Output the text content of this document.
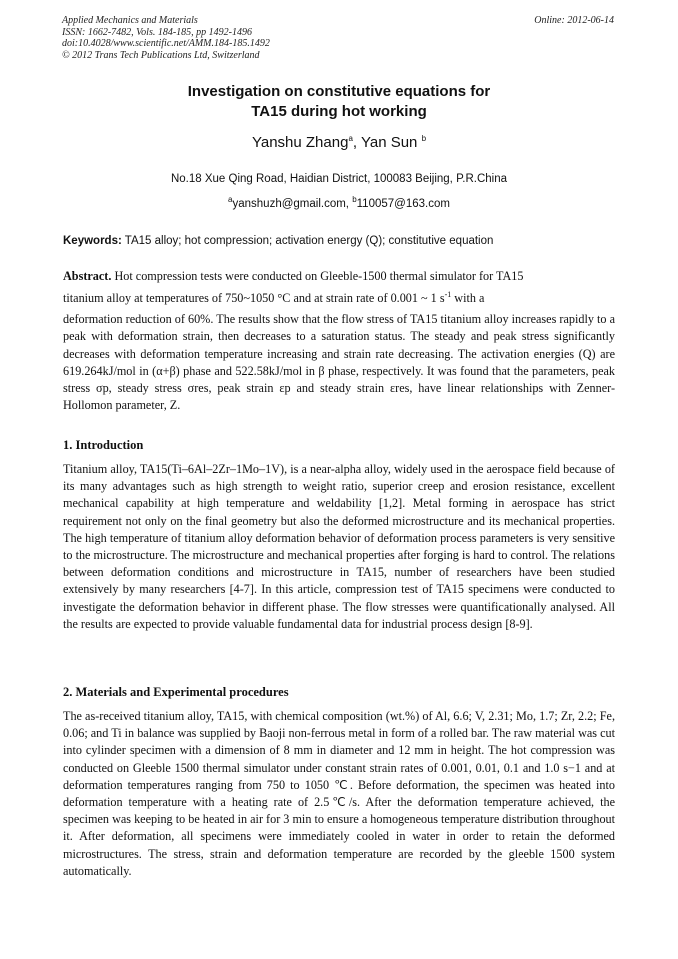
Applied Mechanics and Materials
ISSN: 1662-7482, Vols. 184-185, pp 1492-1496
doi:10.4028/www.scientific.net/AMM.184-185.1492
© 2012 Trans Tech Publications Ltd, Switzerland
Online: 2012-06-14
Investigation on constitutive equations for
TA15 during hot working
Yanshu Zhang$^a$, Yan Sun $^b$
No.18 Xue Qing Road, Haidian District, 100083 Beijing, P.R.China
$^a$yanshuzh@gmail.com, $^b$110057@163.com
Keywords: TA15 alloy; hot compression; activation energy (Q); constitutive equation

Abstract. Hot compression tests were conducted on Gleeble-1500 thermal simulator for TA15

titanium alloy at temperatures of 750~1050 °C and at strain rate of 0.001 ~ 1 $s^{-1}$ with a

deformation reduction of 60%. The results show that the flow stress of TA15 titanium alloy increases rapidly to a peak with deformation strain, then decreases to a saturation status. The steady and peak stress significantly decreases with deformation temperature increasing and strain rate decreasing. The activation energies (Q) are 619.264kJ/mol in (α+β) phase and 522.58kJ/mol in β phase, respectively. It was found that the parameters, peak stress σp, steady stress σres, peak strain εp and steady strain εres, have linear relationships with Zenner-Hollomon parameter, Z.

1. Introduction
Titanium alloy, TA15(Ti–6Al–2Zr–1Mo–1V), is a near-alpha alloy, widely used in the aerospace field because of its many advantages such as high strength to weight ratio, superior creep and erosion resistance, excellent mechanical capability at high temperature and weldability [1,2]. Metal forming in aerospace has strict requirement not only on the final geometry but also the deformed microstructure and its mechanical properties. The high temperature of titanium alloy deformation behavior of deformation process parameters is very sensitive to the microstructure. The microstructure and mechanical properties after forging is hard to control. The relations between deformation conditions and microstructure in TA15, number of researchers have been studied extensively by many researchers [4-7]. In this article, compression test of TA15 specimens were conducted to investigate the deformation behavior in different phase. The flow stresses were quantificationally analysed. All the results are expected to provide valuable fundamental data for industrial process design [8-9].
2. Materials and Experimental procedures
The as-received titanium alloy, TA15, with chemical composition (wt.%) of Al, 6.6; V, 2.31; Mo, 1.7; Zr, 2.2; Fe, 0.06; and Ti in balance was supplied by Baoji non-ferrous metal in form of a rolled bar. The raw material was cut into cylinder specimen with a dimension of 8 mm in diameter and 12 mm in height. The hot compression was conducted on Gleeble 1500 thermal simulator under constant strain rates of 0.001, 0.01, 0.1 and 1.0 s−1 and at deformation temperatures ranging from 750 to 1050 ℃. Before deformation, the specimen was heated into deformation temperature with a heating rate of 2.5℃/s. After the deformation temperature achieved, the specimen was keeping to be heated in air for 3 min to ensure a homogeneous temperature distribution throughout it. After deformation, all specimens were immediately cooled in water in order to retain the deformed microstructures. The stress, strain and deformation temperature are recorded by the gleeble 1500 system automatically.
